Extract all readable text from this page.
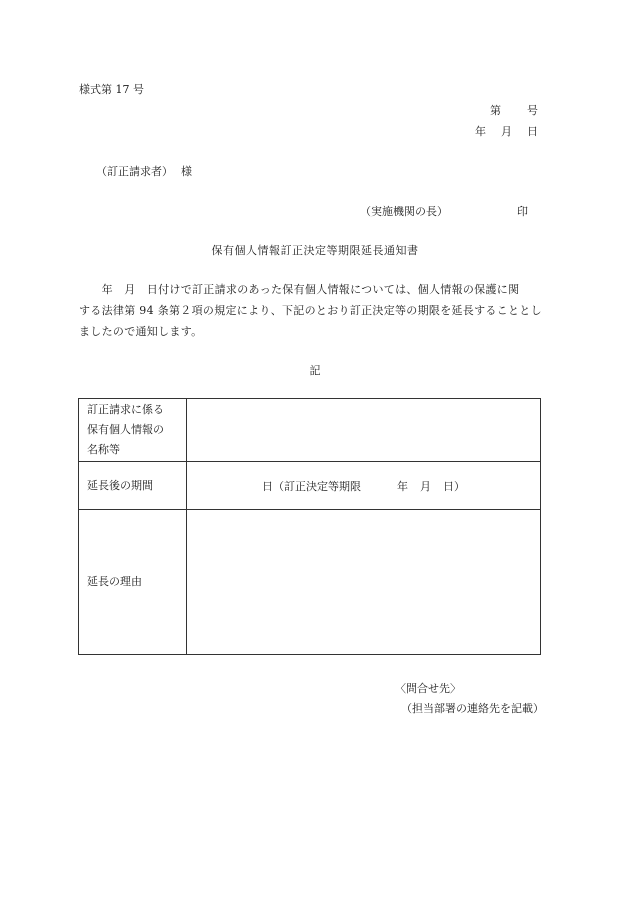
様式第 17 号
第 号
年 月 日
（訂正請求者） 様
（実施機関の長）	印
保有個人情報訂正決定等期限延長通知書

　　年　月　日付けで訂正請求のあった保有個人情報については、個人情報の保護に関

する法律第 94 条第２項の規定により、下記のとおり訂正決定等の期限を延長することとし

ましたので通知します。

記
訂正請求に係る
保有個人情報の
名称等	

延長後の期間	日（訂正決定等期限 年 月 日）
延長の理由	
〈問合せ先〉
（担当部署の連絡先を記載）
